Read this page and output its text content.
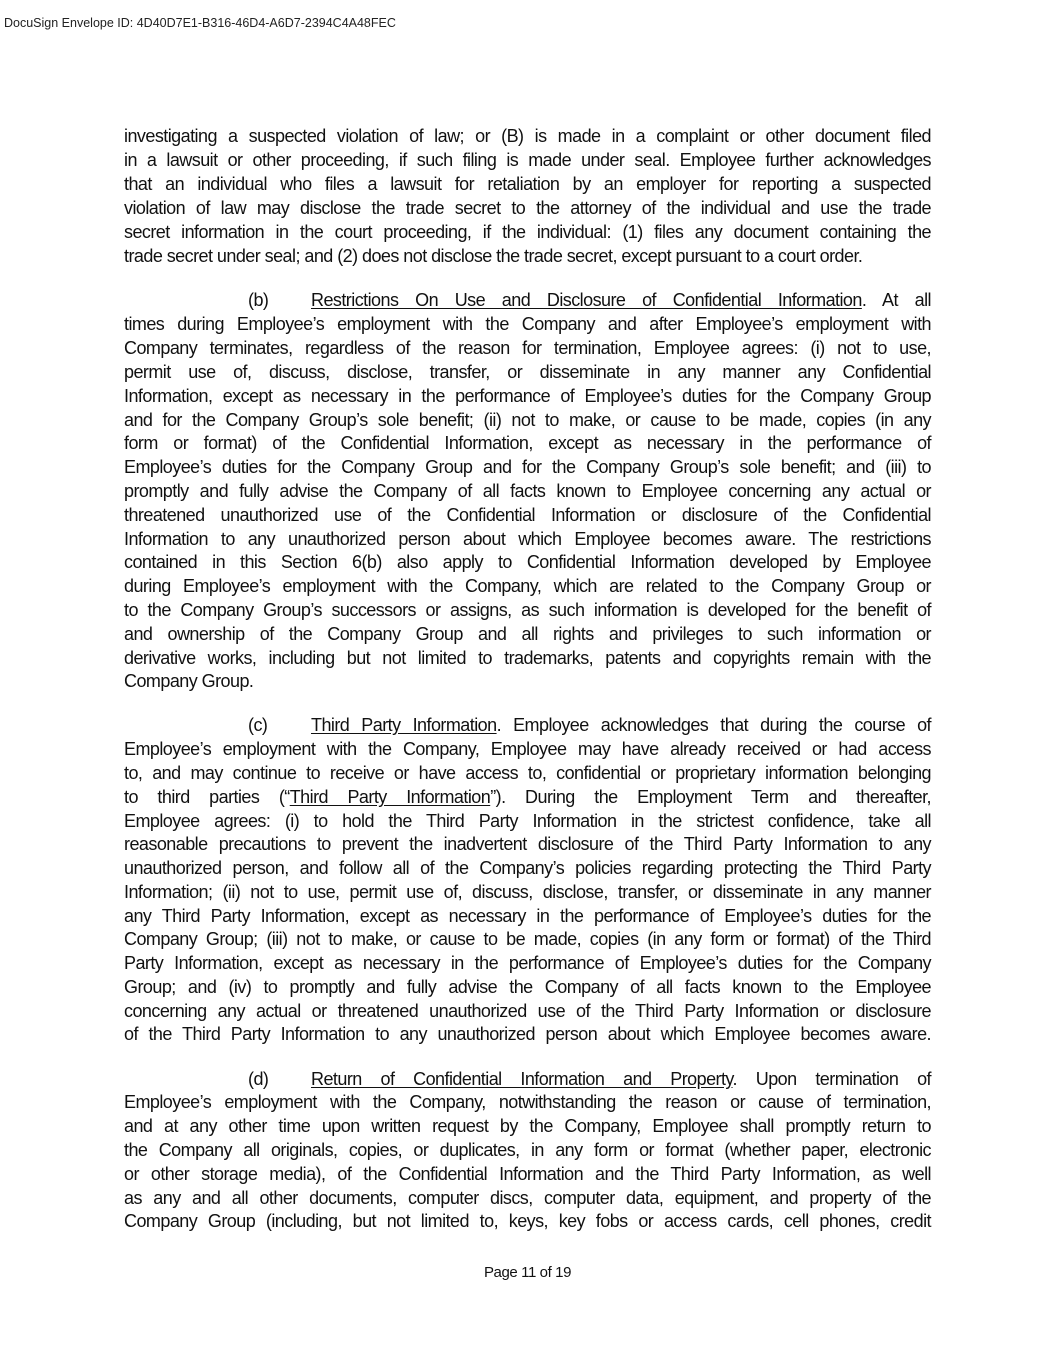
DocuSign Envelope ID: 4D40D7E1-B316-46D4-A6D7-2394C4A48FEC
investigating a suspected violation of law; or (B) is made in a complaint or other document filed
in a lawsuit or other proceeding, if such filing is made under seal. Employee further acknowledges
that an individual who files a lawsuit for retaliation by an employer for reporting a suspected
violation of law may disclose the trade secret to the attorney of the individual and use the trade
secret information in the court proceeding, if the individual: (1) files any document containing the
trade secret under seal; and (2) does not disclose the trade secret, except pursuant to a court order.
(b) Restrictions On Use and Disclosure of Confidential Information. At all
times during Employee’s employment with the Company and after Employee’s employment with
Company terminates, regardless of the reason for termination, Employee agrees: (i) not to use,
permit use of, discuss, disclose, transfer, or disseminate in any manner any Confidential
Information, except as necessary in the performance of Employee’s duties for the Company Group
and for the Company Group’s sole benefit; (ii) not to make, or cause to be made, copies (in any
form or format) of the Confidential Information, except as necessary in the performance of
Employee’s duties for the Company Group and for the Company Group’s sole benefit; and (iii) to
promptly and fully advise the Company of all facts known to Employee concerning any actual or
threatened unauthorized use of the Confidential Information or disclosure of the Confidential
Information to any unauthorized person about which Employee becomes aware. The restrictions
contained in this Section 6(b) also apply to Confidential Information developed by Employee
during Employee’s employment with the Company, which are related to the Company Group or
to the Company Group’s successors or assigns, as such information is developed for the benefit of
and ownership of the Company Group and all rights and privileges to such information or
derivative works, including but not limited to trademarks, patents and copyrights remain with the
Company Group.
(c) Third Party Information. Employee acknowledges that during the course of
Employee’s employment with the Company, Employee may have already received or had access
to, and may continue to receive or have access to, confidential or proprietary information belonging
to third parties (“Third Party Information”). During the Employment Term and thereafter,
Employee agrees: (i) to hold the Third Party Information in the strictest confidence, take all
reasonable precautions to prevent the inadvertent disclosure of the Third Party Information to any
unauthorized person, and follow all of the Company’s policies regarding protecting the Third Party
Information; (ii) not to use, permit use of, discuss, disclose, transfer, or disseminate in any manner
any Third Party Information, except as necessary in the performance of Employee’s duties for the
Company Group; (iii) not to make, or cause to be made, copies (in any form or format) of the Third
Party Information, except as necessary in the performance of Employee’s duties for the Company
Group; and (iv) to promptly and fully advise the Company of all facts known to the Employee
concerning any actual or threatened unauthorized use of the Third Party Information or disclosure
of the Third Party Information to any unauthorized person about which Employee becomes aware.
(d) Return of Confidential Information and Property. Upon termination of
Employee’s employment with the Company, notwithstanding the reason or cause of termination,
and at any other time upon written request by the Company, Employee shall promptly return to
the Company all originals, copies, or duplicates, in any form or format (whether paper, electronic
or other storage media), of the Confidential Information and the Third Party Information, as well
as any and all other documents, computer discs, computer data, equipment, and property of the
Company Group (including, but not limited to, keys, key fobs or access cards, cell phones, credit
Page 11 of 19
